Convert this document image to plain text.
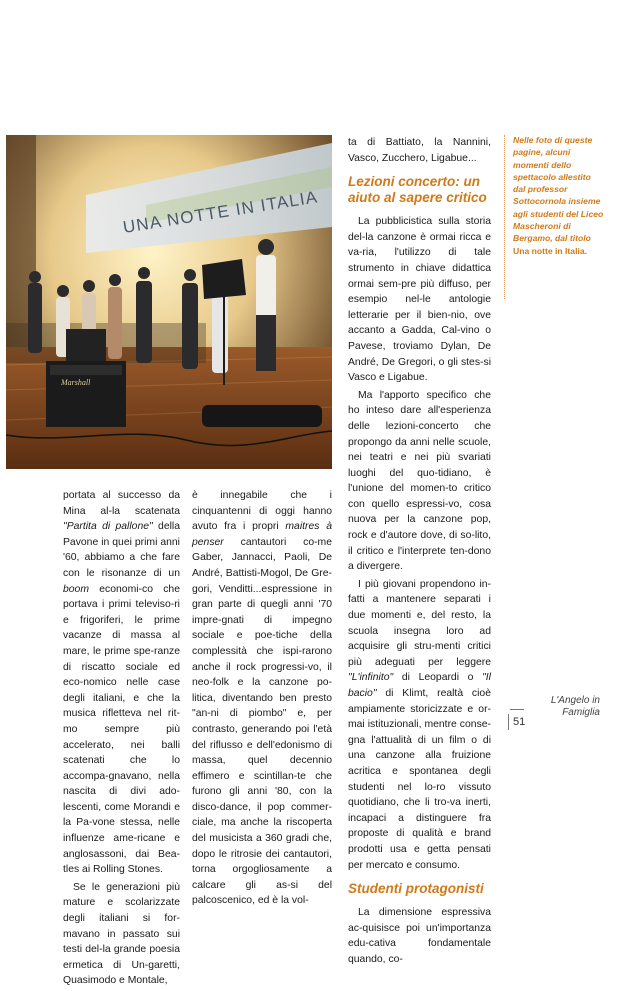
UNA NOTTE IN ITALIA
Marshall

portata al successo da Mina al-la scatenata "Partita di pallone" della Pavone in quei primi anni '60, abbiamo a che fare con le risonanze di un boom economi-co che portava i primi televiso-ri e frigoriferi, le prime vacanze di massa al mare, le prime spe-ranze di riscatto sociale ed eco-nomico nelle case degli italiani, e che la musica rifletteva nel rit-mo sempre più accelerato, nei balli scatenati che lo accompa-gnavano, nella nascita di divi ado-lescenti, come Morandi e la Pa-vone stessa, nelle influenze ame-ricane e anglosassoni, dai Bea-tles ai Rolling Stones.

Se le generazioni più mature e scolarizzate degli italiani si for-mavano in passato sui testi del-la grande poesia ermetica di Un-garetti, Quasimodo e Montale,

è innegabile che i cinquantenni di oggi hanno avuto fra i propri maitres à penser cantautori co-me Gaber, Jannacci, Paoli, De André, Battisti-Mogol, De Gre-gori, Venditti...espressione in gran parte di quegli anni '70 impre-gnati di impegno sociale e poe-tiche della complessità che ispi-rarono anche il rock progressi-vo, il neo-folk e la canzone po-litica, diventando ben presto "an-ni di piombo" e, per contrasto, generando poi l'età del riflusso e dell'edonismo di massa, quel decennio effimero e scintillan-te che furono gli anni '80, con la disco-dance, il pop commer-ciale, ma anche la riscoperta del musicista a 360 gradi che, dopo le ritrosie dei cantautori, torna orgogliosamente a calcare gli as-si del palcoscenico, ed è la vol-

ta di Battiato, la Nannini, Vasco, Zucchero, Ligabue...

Lezioni concerto: un aiuto al sapere critico

La pubblicistica sulla storia del-la canzone è ormai ricca e va-ria, l'utilizzo di tale strumento in chiave didattica ormai sem-pre più diffuso, per esempio nel-le antologie letterarie per il bien-nio, ove accanto a Gadda, Cal-vino o Pavese, troviamo Dylan, De André, De Gregori, o gli stes-si Vasco e Ligabue.

Ma l'apporto specifico che ho inteso dare all'esperienza delle lezioni-concerto che propongo da anni nelle scuole, nei teatri e nei più svariati luoghi del quo-tidiano, è l'unione del momen-to critico con quello espressi-vo, cosa nuova per la canzone pop, rock e d'autore dove, di so-lito, il critico e l'interprete ten-dono a divergere.

I più giovani propendono in-fatti a mantenere separati i due momenti e, del resto, la scuola insegna loro ad acquisire gli stru-menti critici più adeguati per leggere "L'infinito" di Leopardi o "Il bacio" di Klimt, realtà cioè ampiamente storicizzate e or-mai istituzionali, mentre conse-gna l'attualità di un film o di una canzone alla fruizione acritica e spontanea degli studenti nel lo-ro vissuto quotidiano, che li tro-va inerti, incapaci a distinguere fra proposte di qualità e brand prodotti usa e getta pensati per mercato e consumo.

Studenti protagonisti

La dimensione espressiva ac-quisisce poi un'importanza edu-cativa fondamentale quando, co-

Nelle foto di queste pagine, alcuni momenti dello spettacolo allestito dal professor Sottocornola insieme agli studenti del Liceo Mascheroni di Bergamo, dal titolo Una notte in Italia.
L'Angelo in Famiglia
51
